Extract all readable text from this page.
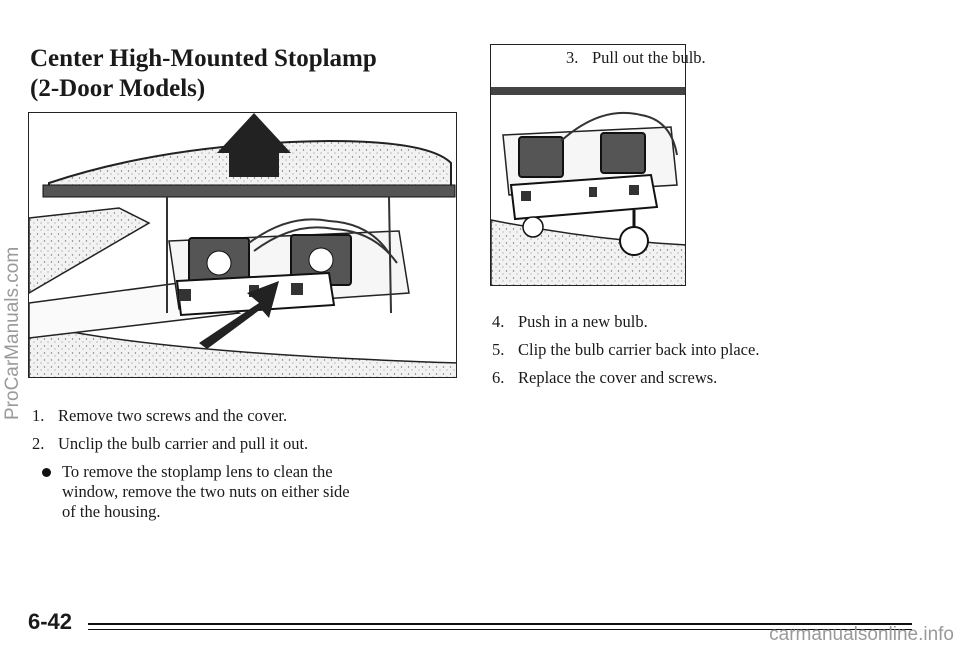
Center High-Mounted Stoplamp
(2-Door Models)

3. Pull out the bulb.

4. Push in a new bulb.

5. Clip the bulb carrier back into place.

6. Replace the cover and screws.

1. Remove two screws and the cover.

2. Unclip the bulb carrier and pull it out.

To remove the stoplamp lens to clean the
window, remove the two nuts on either side
of the housing.
6-42
ProCarManuals.com
carmanualsonline.info
